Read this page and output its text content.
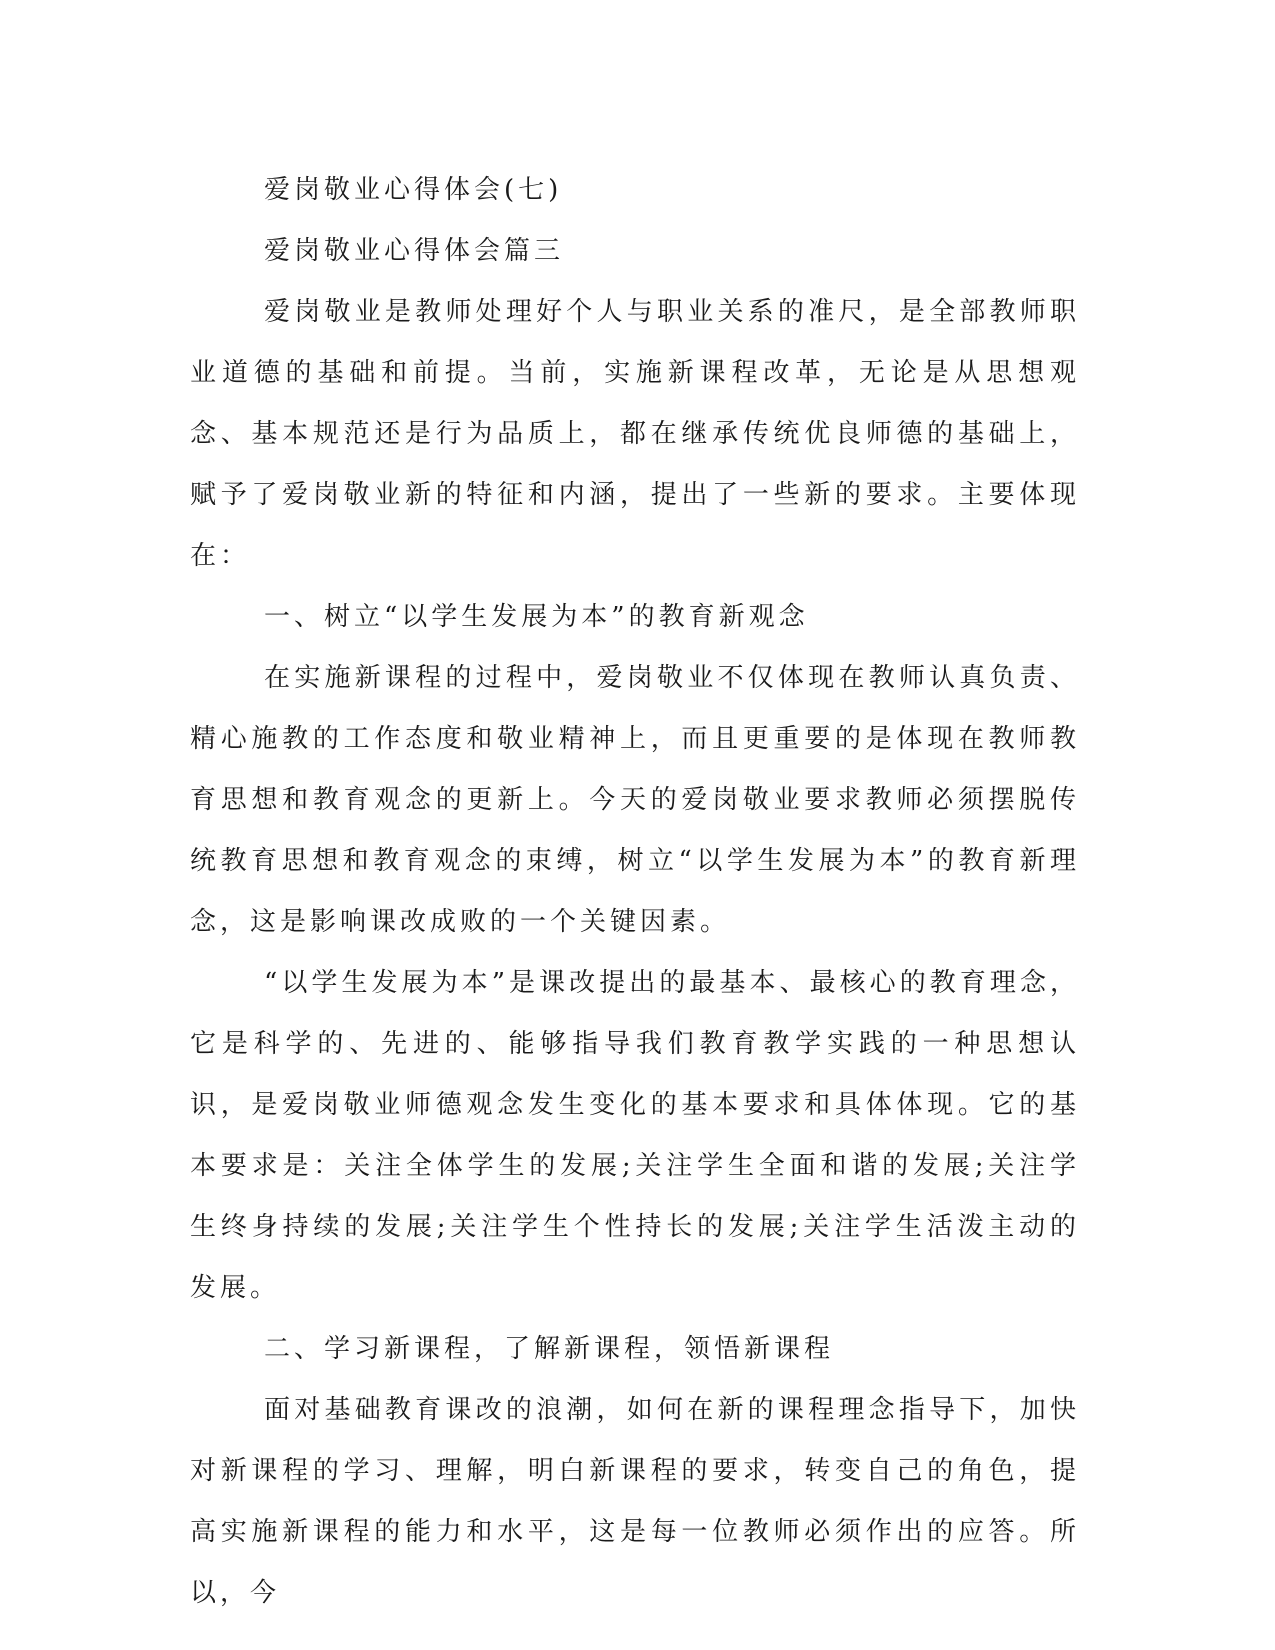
爱岗敬业心得体会(七)

爱岗敬业心得体会篇三

爱岗敬业是教师处理好个人与职业关系的准尺，是全部教师职业道德的基础和前提。当前，实施新课程改革，无论是从思想观念、基本规范还是行为品质上，都在继承传统优良师德的基础上，赋予了爱岗敬业新的特征和内涵，提出了一些新的要求。主要体现在：

一、树立“以学生发展为本”的教育新观念

在实施新课程的过程中，爱岗敬业不仅体现在教师认真负责、精心施教的工作态度和敬业精神上，而且更重要的是体现在教师教育思想和教育观念的更新上。今天的爱岗敬业要求教师必须摆脱传统教育思想和教育观念的束缚，树立“以学生发展为本”的教育新理念，这是影响课改成败的一个关键因素。

“以学生发展为本”是课改提出的最基本、最核心的教育理念，它是科学的、先进的、能够指导我们教育教学实践的一种思想认识，是爱岗敬业师德观念发生变化的基本要求和具体体现。它的基本要求是：关注全体学生的发展;关注学生全面和谐的发展;关注学生终身持续的发展;关注学生个性持长的发展;关注学生活泼主动的发展。

二、学习新课程，了解新课程，领悟新课程

面对基础教育课改的浪潮，如何在新的课程理念指导下，加快对新课程的学习、理解，明白新课程的要求，转变自己的角色，提高实施新课程的能力和水平，这是每一位教师必须作出的应答。所以，今
